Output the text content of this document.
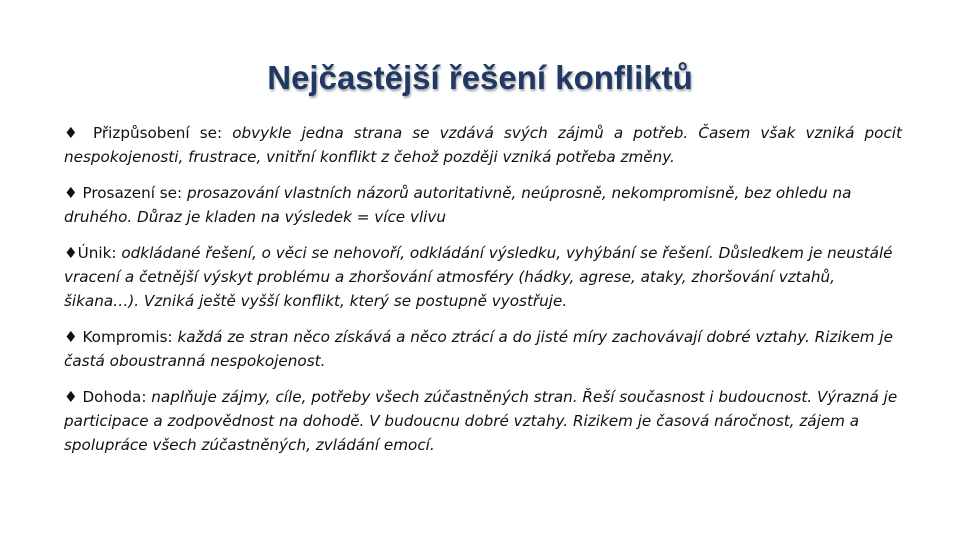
Nejčastější řešení konfliktů

♦ Přizpůsobení se: obvykle jedna strana se vzdává svých zájmů a potřeb. Časem však vzniká pocit nespokojenosti, frustrace, vnitřní konflikt z čehož později vzniká potřeba změny.

♦ Prosazení se: prosazování vlastních názorů autoritativně, neúprosně, nekompromisně, bez ohledu na druhého. Důraz je kladen na výsledek = více vlivu

♦Únik: odkládané řešení, o věci se nehovoří, odkládání výsledku, vyhýbání se řešení. Důsledkem je neustálé vracení a četnější výskyt problému a zhoršování atmosféry (hádky, agrese, ataky, zhoršování vztahů, šikana…). Vzniká ještě vyšší konflikt, který se postupně vyostřuje.

♦ Kompromis: každá ze stran něco získává a něco ztrácí a do jisté míry zachovávají dobré vztahy. Rizikem je častá oboustranná nespokojenost.

♦ Dohoda: naplňuje zájmy, cíle, potřeby všech zúčastněných stran. Řeší současnost i budoucnost. Výrazná je participace a zodpovědnost na dohodě. V budoucnu dobré vztahy. Rizikem je časová náročnost, zájem a spolupráce všech zúčastněných, zvládání emocí.
